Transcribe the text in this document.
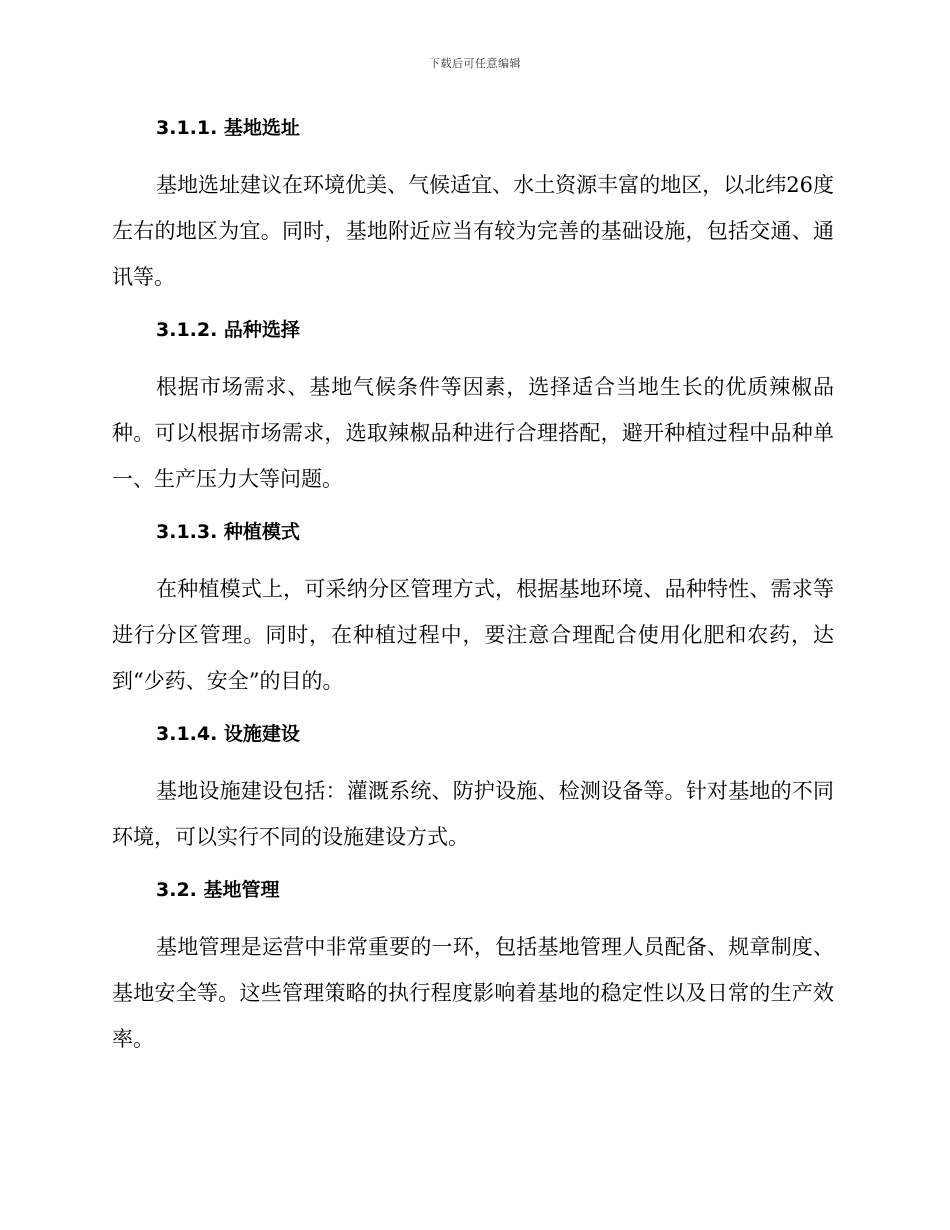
下载后可任意编辑
3.1.1. 基地选址

基地选址建议在环境优美、气候适宜、水土资源丰富的地区，以北纬26度左右的地区为宜。同时，基地附近应当有较为完善的基础设施，包括交通、通讯等。

3.1.2. 品种选择

根据市场需求、基地气候条件等因素，选择适合当地生长的优质辣椒品种。可以根据市场需求，选取辣椒品种进行合理搭配，避开种植过程中品种单一、生产压力大等问题。

3.1.3. 种植模式

在种植模式上，可采纳分区管理方式，根据基地环境、品种特性、需求等进行分区管理。同时，在种植过程中，要注意合理配合使用化肥和农药，达到“少药、安全”的目的。

3.1.4. 设施建设

基地设施建设包括：灌溉系统、防护设施、检测设备等。针对基地的不同环境，可以实行不同的设施建设方式。

3.2. 基地管理

基地管理是运营中非常重要的一环，包括基地管理人员配备、规章制度、基地安全等。这些管理策略的执行程度影响着基地的稳定性以及日常的生产效率。
